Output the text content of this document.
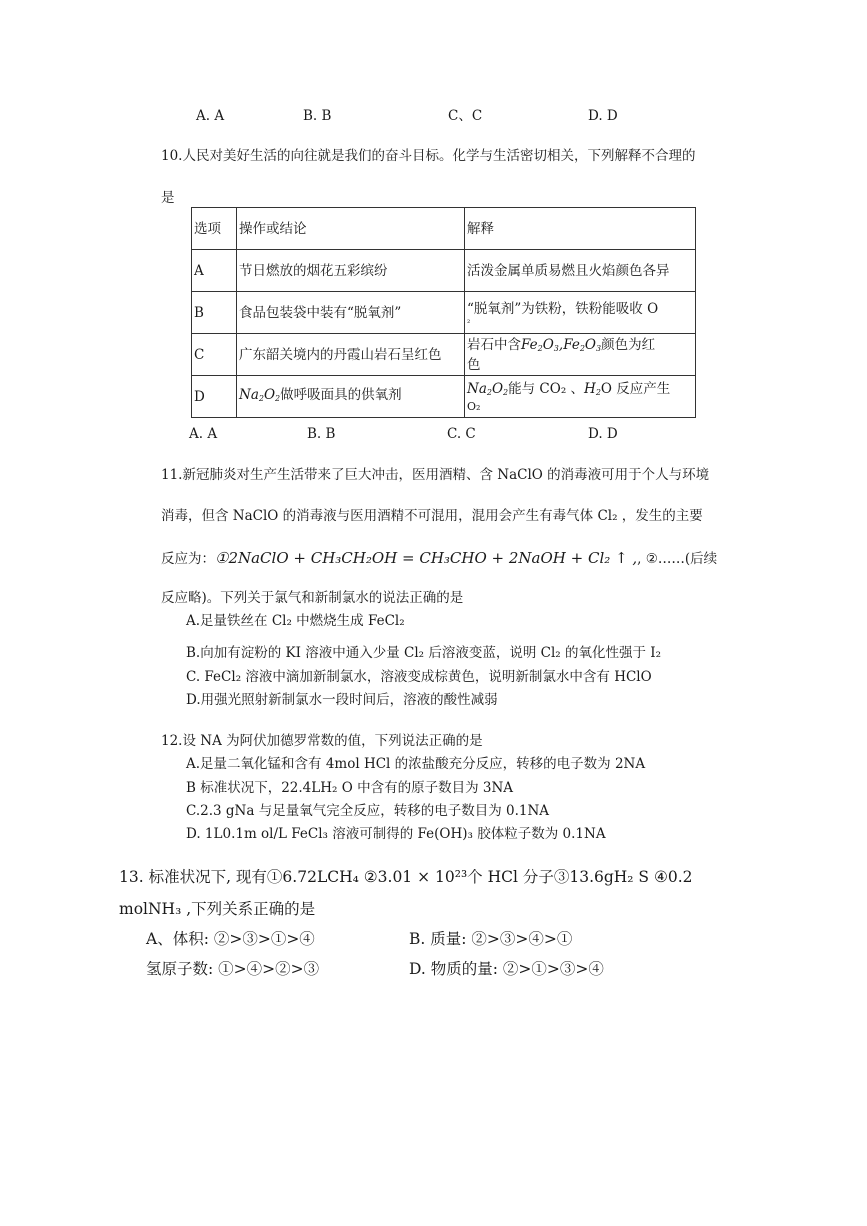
A. A	B. B	C、C	D. D
10.人民对美好生活的向往就是我们的奋斗目标。化学与生活密切相关，下列解释不合理的
是
选项	操作或结论	解释
A	节日燃放的烟花五彩缤纷	活泼金属单质易燃且火焰颜色各异
B	食品包装袋中装有“脱氧剂”	“脱氧剂”为铁粉，铁粉能吸收 O
₂

C	广东韶关境内的丹霞山岩石呈红色	岩石中含$Fe_2O_3,Fe_2O_3$颜色为红
色

D	$Na_2O_2$做呼吸面具的供氧剂	$Na_2O_2$能与 CO₂ 、$H_2O$ 反应产生
O₂
A. A	B. B	C. C	D. D
11.新冠肺炎对生产生活带来了巨大冲击，医用酒精、含 NaClO 的消毒液可用于个人与环境
消毒，但含 NaClO 的消毒液与医用酒精不可混用，混用会产生有毒气体 Cl₂ ，发生的主要
反应为：①2NaClO + CH₃CH₂OH = CH₃CHO + 2NaOH + Cl₂ ↑ ,, ②……(后续
反应略)。下列关于氯气和新制氯水的说法正确的是
A.足量铁丝在 Cl₂ 中燃烧生成 FeCl₂
B.向加有淀粉的 KI 溶液中通入少量 Cl₂ 后溶液变蓝，说明 Cl₂ 的氧化性强于 I₂
C. FeCl₂ 溶液中滴加新制氯水，溶液变成棕黄色，说明新制氯水中含有 HClO
D.用强光照射新制氯水一段时间后，溶液的酸性减弱
12.设 NA 为阿伏加德罗常数的值，下列说法正确的是
A.足量二氧化锰和含有 4mol HCl 的浓盐酸充分反应，转移的电子数为 2NA
B 标准状况下，22.4LH₂ O 中含有的原子数目为 3NA
C.2.3 gNa 与足量氧气完全反应，转移的电子数目为 0.1NA
D. 1L0.1m ol/L FeCl₃ 溶液可制得的 Fe(OH)₃ 胶体粒子数为 0.1NA
13. 标准状况下, 现有①6.72LCH₄ ②3.01 × 10²³个 HCl 分子③13.6gH₂ S ④0.2
molNH₃ ,下列关系正确的是
A、体积: ②>③>①>④	B. 质量: ②>③>④>①
氢原子数: ①>④>②>③	D. 物质的量: ②>①>③>④
